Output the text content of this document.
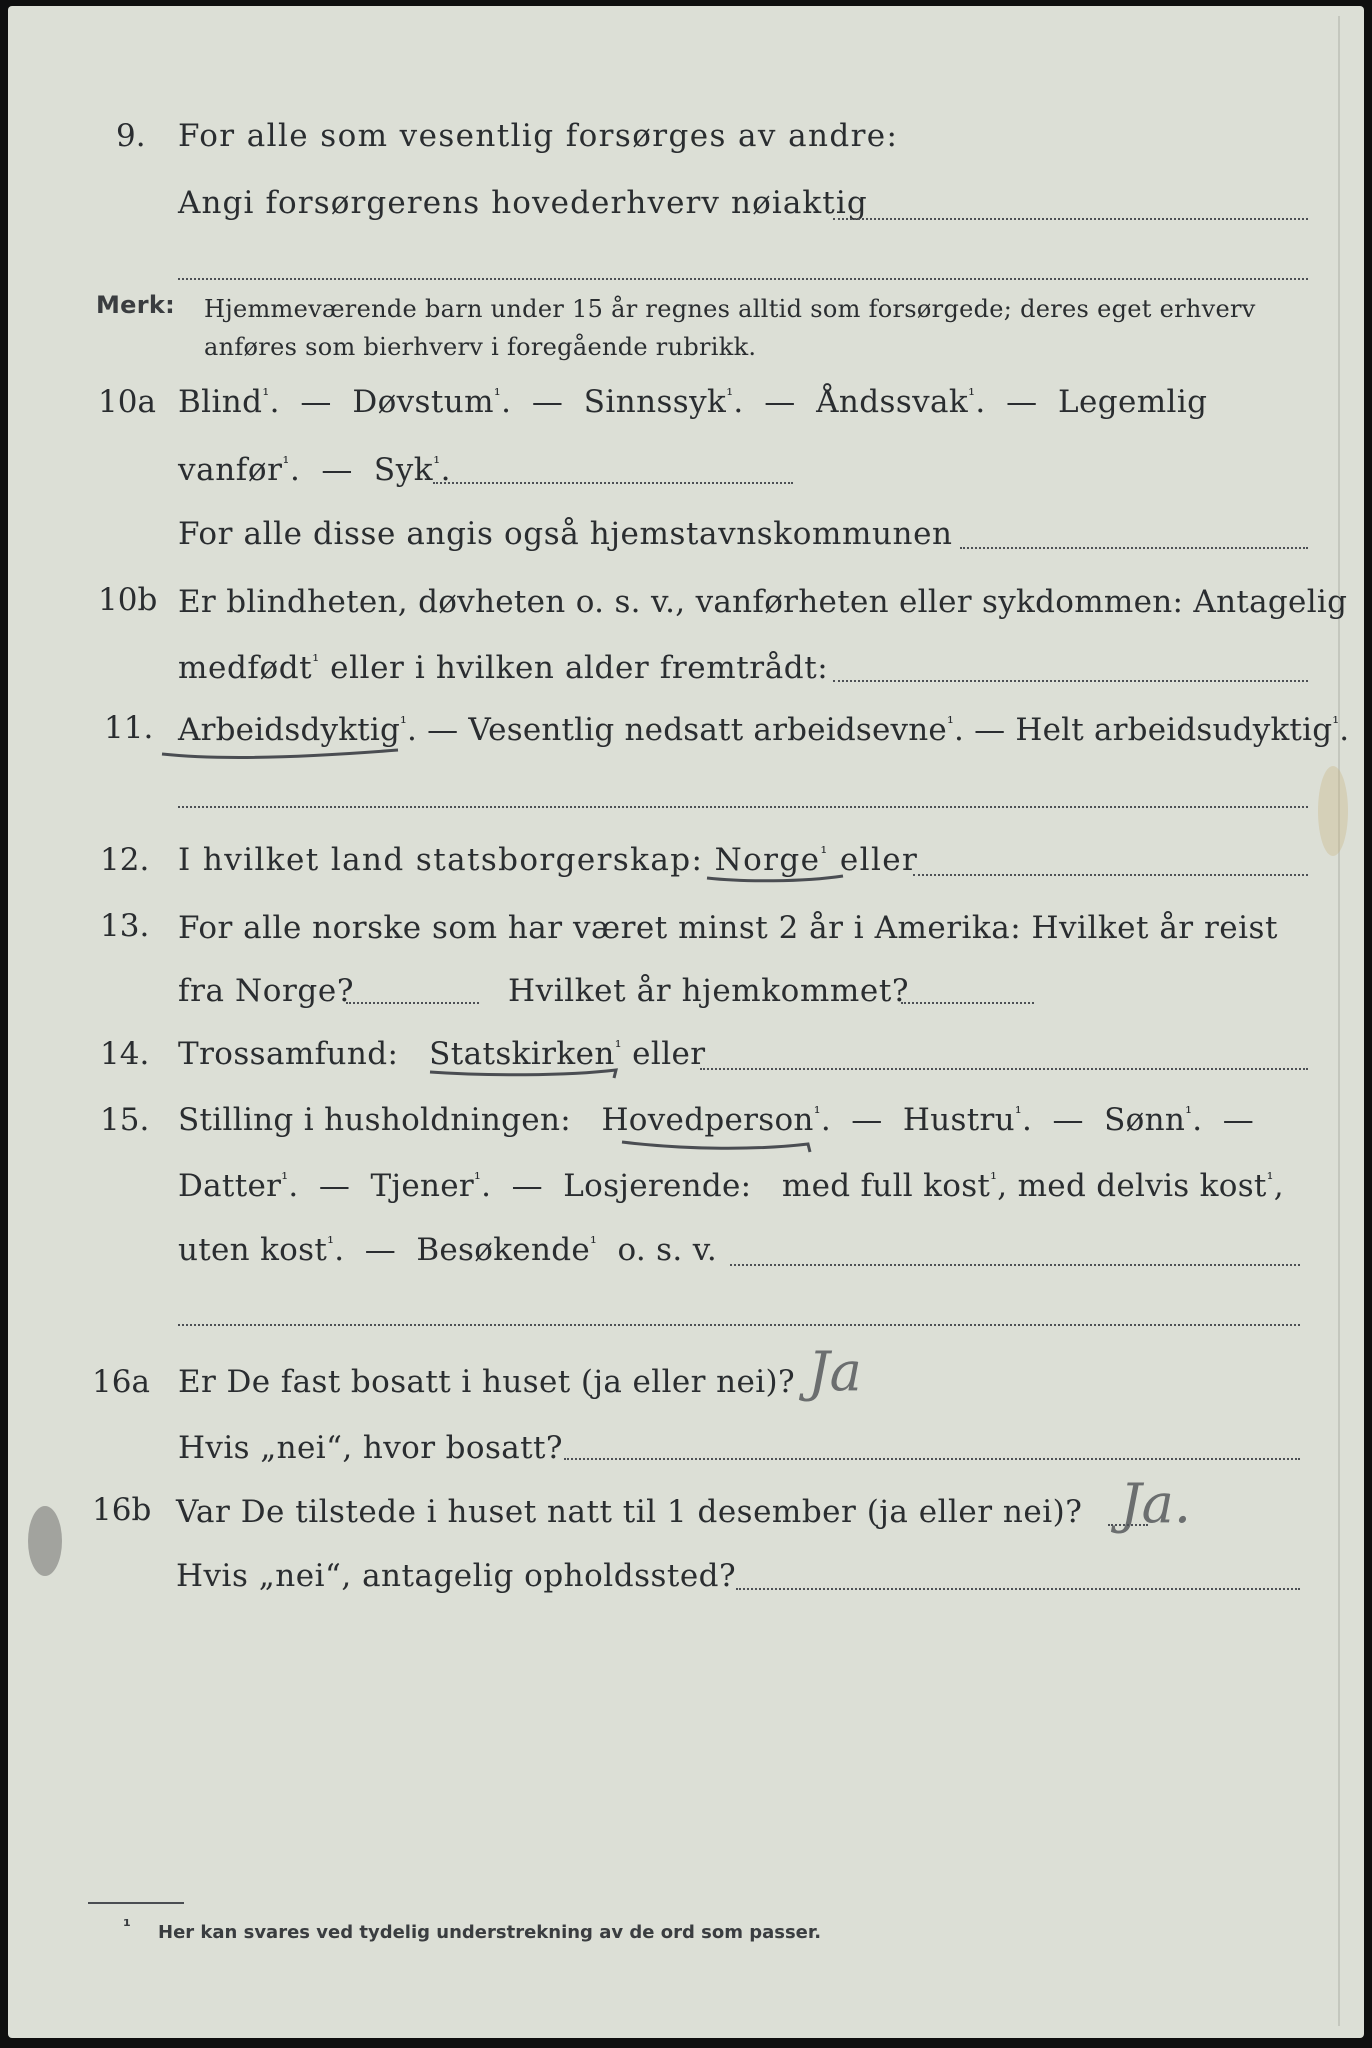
9. For alle som vesentlig forsørges av andre:
Angi forsørgerens hovederhverv nøiaktig
Merk: Hjemmeværende barn under 15 år regnes alltid som forsørgede; deres eget erhverv
anføres som bierhverv i foregående rubrikk.
10a Blind$^{^1}$.  — Døvstum$^{^1}$.  — Sinnssyk$^{^1}$.  — Åndssvak$^{^1}$.  — Legemlig
vanfør$^{^1}$.  — Syk$^{^1}$.
For alle disse angis også hjemstavnskommunen
10b Er blindheten, døvheten o. s. v., vanførheten eller sykdommen: Antagelig
medfødt$^{^1}$ eller i hvilken alder fremtrådt:
11. Arbeidsdyktig$^{^1}$. — Vesentlig nedsatt arbeidsevne$^{^1}$. — Helt arbeidsudyktig$^{^1}$.
12. I hvilket land statsborgerskap: Norge$^{^1}$ eller
13. For alle norske som har været minst 2 år i Amerika: Hvilket år reist
fra Norge?	Hvilket år hjemkommet?
14. Trossamfund: Statskirken$^{^1}$ eller
15. Stilling i husholdningen: Hovedperson$^{^1}$.  — Hustru$^{^1}$.  — Sønn$^{^1}$.  —
Datter$^{^1}$.  — Tjener$^{^1}$.  — Losjerende: med full kost$^{^1}$, med delvis kost$^{^1}$,
uten kost$^{^1}$.  — Besøkende$^{^1}$ o. s. v.
16a Er De fast bosatt i huset (ja eller nei)? Ja
Hvis „nei“, hvor bosatt?
16b Var De tilstede i huset natt til 1 desember (ja eller nei)? Ja.
Hvis „nei“, antagelig opholdssted?
¹ Her kan svares ved tydelig understrekning av de ord som passer.
